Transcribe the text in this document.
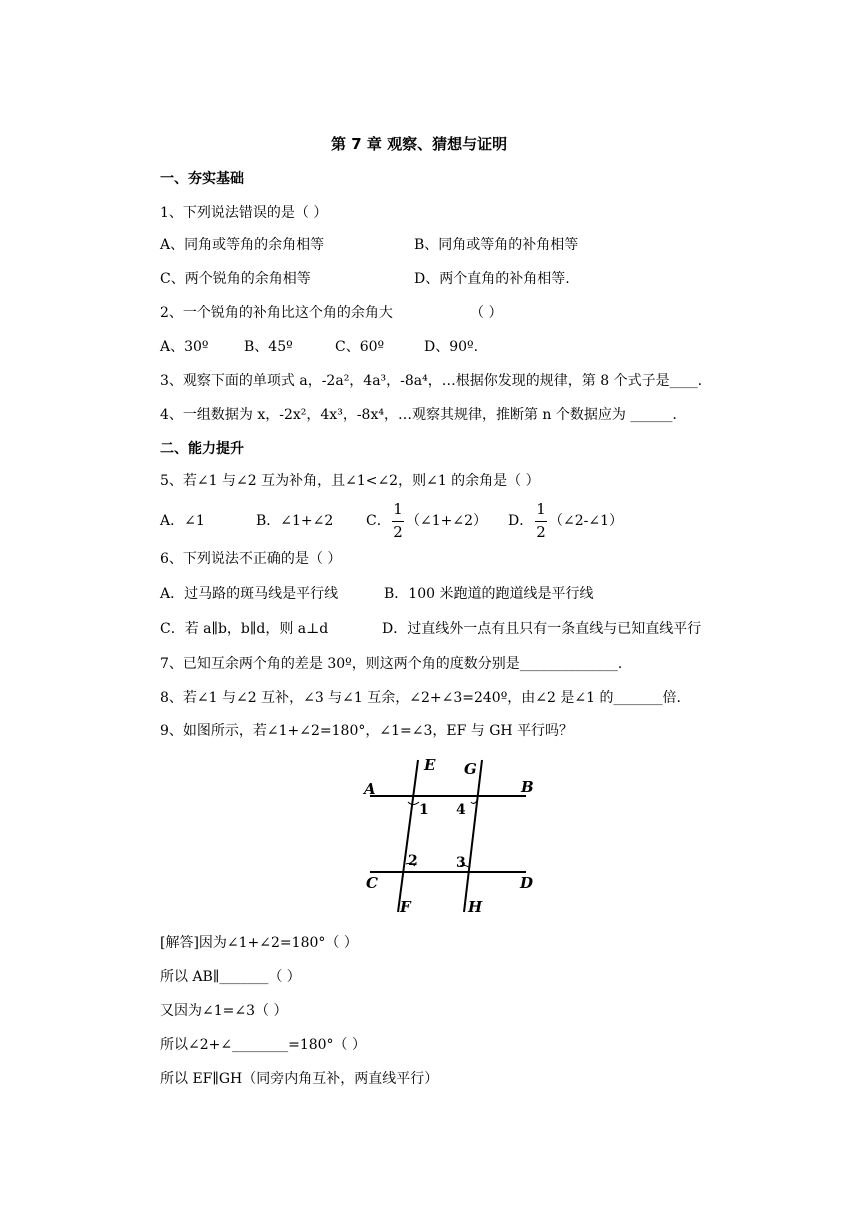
第 7 章 观察、猜想与证明
一、夯实基础
1、下列说法错误的是（ ）
A、同角或等角的余角相等	B、同角或等角的补角相等
C、两个锐角的余角相等	D、两个直角的补角相等.
2、一个锐角的补角比这个角的余角大	（ ）
A、30º	B、45º	C、60º	D、90º.
3、观察下面的单项式 a，-2a²，4a³，-8a⁴，…根据你发现的规律，第 8 个式子是____.
4、一组数据为 x，-2x²，4x³，-8x⁴，…观察其规律，推断第 n 个数据应为 ______.
二、能力提升
5、若∠1 与∠2 互为补角，且∠1<∠2，则∠1 的余角是（ ）
A．∠1	B．∠1+∠2 C．
1
2
（∠1+∠2） D．
1
2
（∠2-∠1）
6、下列说法不正确的是（ ）
A．过马路的斑马线是平行线	B．100 米跑道的跑道线是平行线
C．若 a∥b，b∥d，则 a⊥d	D．过直线外一点有且只有一条直线与已知直线平行
7、已知互余两个角的差是 30º，则这两个角的度数分别是______________.
8、若∠1 与∠2 互补，∠3 与∠1 互余，∠2+∠3=240º，由∠2 是∠1 的_______倍.
9、如图所示，若∠1+∠2=180°，∠1=∠3，EF 与 GH 平行吗？
A	B
C	D
E
F
G
H
1
2	3
4
[解答]因为∠1+∠2=180°（ ）
所以 AB∥_______（ ）
又因为∠1=∠3（ ）
所以∠2+∠________=180°（ ）
所以 EF∥GH（同旁内角互补，两直线平行）
